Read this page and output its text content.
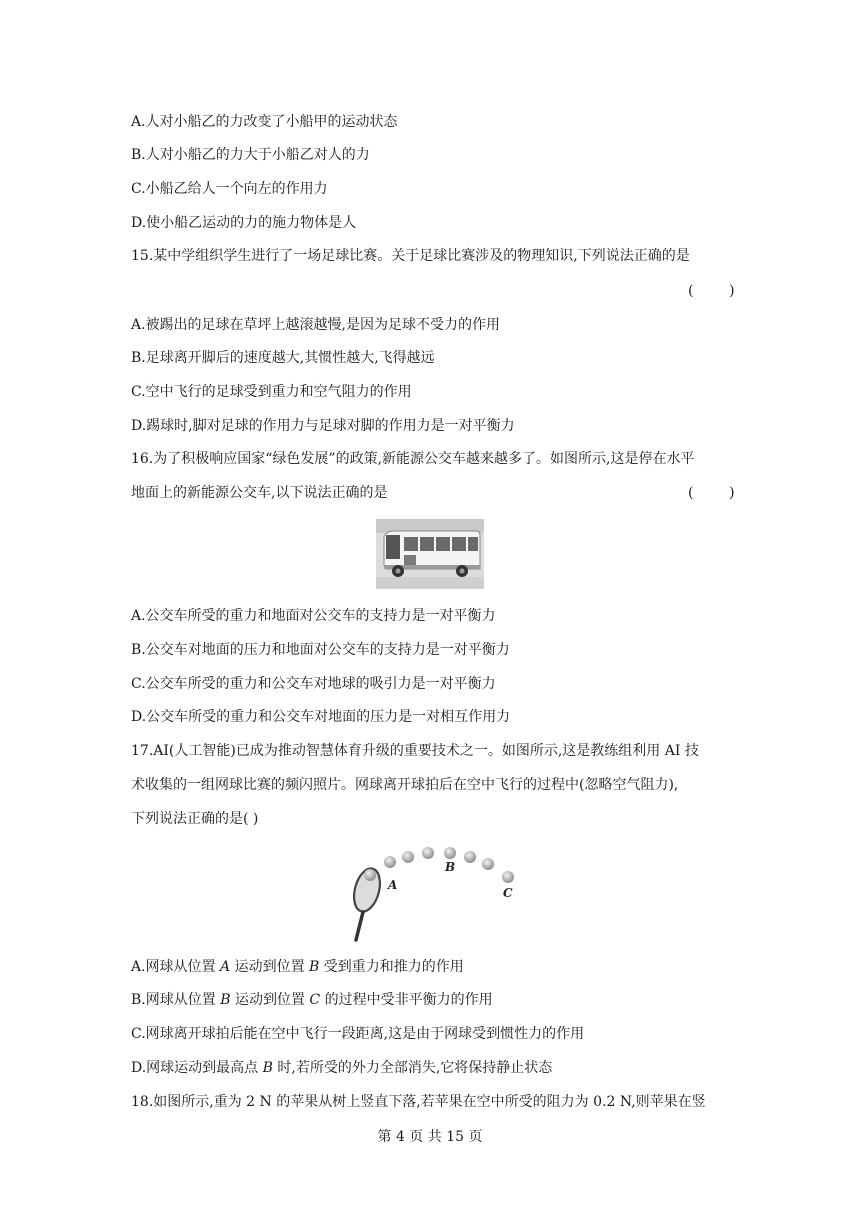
A.人对小船乙的力改变了小船甲的运动状态
B.人对小船乙的力大于小船乙对人的力
C.小船乙给人一个向左的作用力
D.使小船乙运动的力的施力物体是人
15.某中学组织学生进行了一场足球比赛。关于足球比赛涉及的物理知识,下列说法正确的是
(        )
A.被踢出的足球在草坪上越滚越慢,是因为足球不受力的作用
B.足球离开脚后的速度越大,其惯性越大,飞得越远
C.空中飞行的足球受到重力和空气阻力的作用
D.踢球时,脚对足球的作用力与足球对脚的作用力是一对平衡力
16.为了积极响应国家“绿色发展”的政策,新能源公交车越来越多了。如图所示,这是停在水平
地面上的新能源公交车,以下说法正确的是	(        )
A.公交车所受的重力和地面对公交车的支持力是一对平衡力
B.公交车对地面的压力和地面对公交车的支持力是一对平衡力
C.公交车所受的重力和公交车对地球的吸引力是一对平衡力
D.公交车所受的重力和公交车对地面的压力是一对相互作用力
17.AI(人工智能)已成为推动智慧体育升级的重要技术之一。如图所示,这是教练组利用 AI 技
术收集的一组网球比赛的频闪照片。网球离开球拍后在空中飞行的过程中(忽略空气阻力),
下列说法正确的是( )
A
B
C
A.网球从位置 A 运动到位置 B 受到重力和推力的作用
B.网球从位置 B 运动到位置 C 的过程中受非平衡力的作用
C.网球离开球拍后能在空中飞行一段距离,这是由于网球受到惯性力的作用
D.网球运动到最高点 B 时,若所受的外力全部消失,它将保持静止状态
18.如图所示,重为 2 N 的苹果从树上竖直下落,若苹果在空中所受的阻力为 0.2 N,则苹果在竖
第 4 页 共 15 页
